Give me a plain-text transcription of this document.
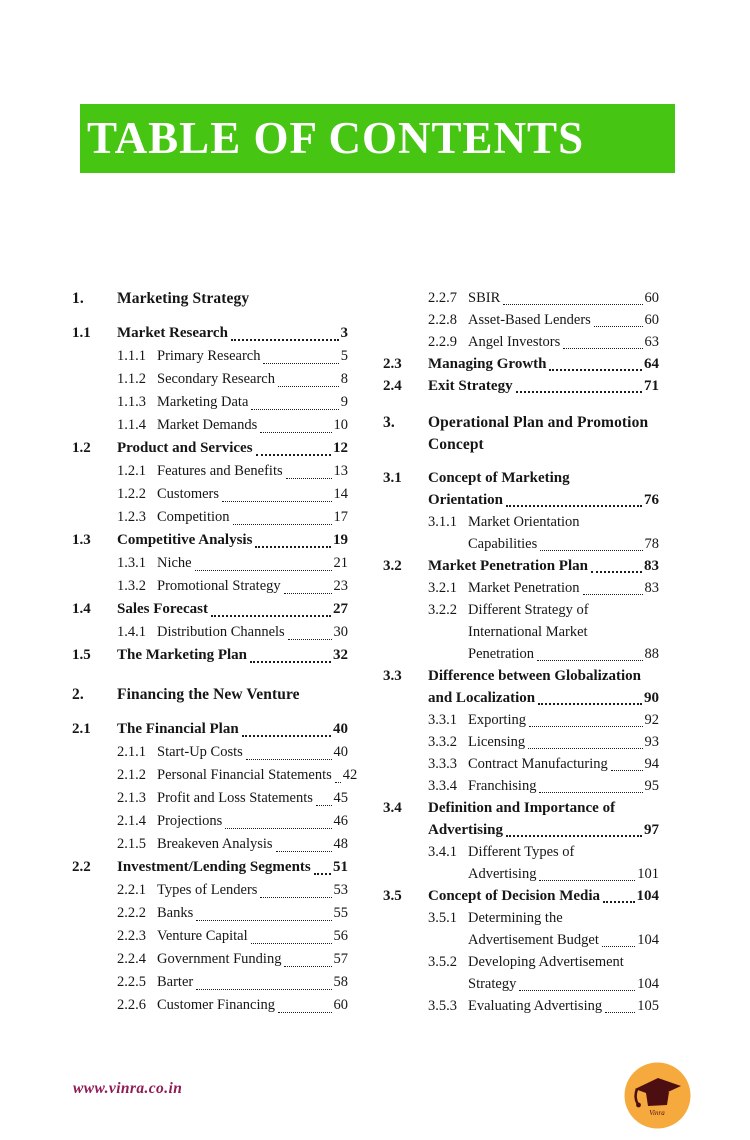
TABLE OF CONTENTS
1.	Marketing Strategy
1.1	Market Research	3
1.1.1 Primary Research	5
1.1.2 Secondary Research	8
1.1.3 Marketing Data	9
1.1.4 Market Demands	10
1.2	Product and Services	12
1.2.1 Features and Benefits	13
1.2.2 Customers	14
1.2.3 Competition	17
1.3	Competitive Analysis	19
1.3.1 Niche	21
1.3.2 Promotional Strategy	23
1.4	Sales Forecast	27
1.4.1 Distribution Channels	30
1.5	The Marketing Plan	32
2.	Financing the New Venture
2.1	The Financial Plan	40
2.1.1 Start-Up Costs	40
2.1.2 Personal Financial Statements 42
2.1.3 Profit and Loss Statements 45
2.1.4 Projections	46
2.1.5 Breakeven Analysis	48
2.2	Investment/Lending Segments 51
2.2.1 Types of Lenders	53
2.2.2 Banks	55
2.2.3 Venture Capital	56
2.2.4 Government Funding	57
2.2.5 Barter	58
2.2.6 Customer Financing	60
2.2.7 SBIR	60
2.2.8 Asset-Based Lenders	60
2.2.9 Angel Investors	63
2.3	Managing Growth	64
2.4	Exit Strategy	71
3.	Operational Plan and Promotion
Concept
3.1	Concept of Marketing
Orientation	76
3.1.1 Market Orientation
Capabilities	78
3.2	Market Penetration Plan	83
3.2.1 Market Penetration	83
3.2.2 Different Strategy of
International Market
Penetration	88
3.3	Difference between Globalization
and Localization	90
3.3.1 Exporting	92
3.3.2 Licensing	93
3.3.3 Contract Manufacturing	94
3.3.4 Franchising	95
3.4	Definition and Importance of
Advertising	97
3.4.1 Different Types of
Advertising	101
3.5	Concept of Decision Media 104
3.5.1 Determining the
Advertisement Budget	104
3.5.2 Developing Advertisement
Strategy	104
3.5.3 Evaluating Advertising 105
www.vinra.co.in
Vinra
